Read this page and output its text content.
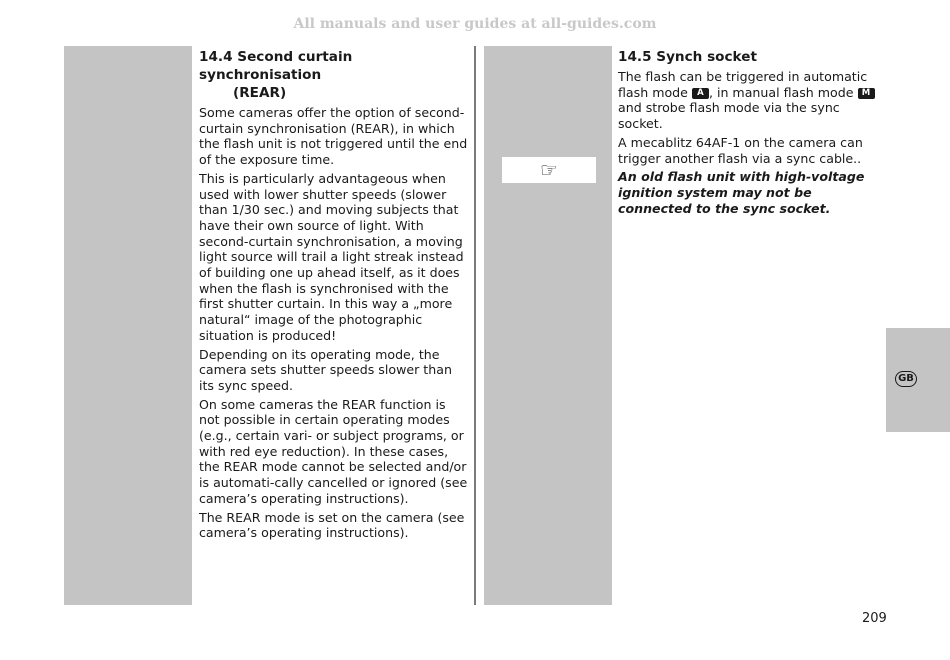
All manuals and user guides at all-guides.com
☞
GB
14.4 Second curtain synchronisation
(REAR)

Some cameras offer the option of second-curtain synchronisation (REAR), in which the flash unit is not triggered until the end of the exposure time.

This is particularly advantageous when used with lower shutter speeds (slower than 1/30 sec.) and moving subjects that have their own source of light. With second-curtain synchronisation, a moving light source will trail a light streak instead of building one up ahead itself, as it does when the flash is synchronised with the first shutter curtain. In this way a „more natural“ image of the photographic situation is produced!

Depending on its operating mode, the camera sets shutter speeds slower than its sync speed.

On some cameras the REAR function is not possible in certain operating modes (e.g., certain vari- or subject programs, or with red eye reduction). In these cases, the REAR mode cannot be selected and/or is automati-cally cancelled or ignored (see camera’s operating instructions).

The REAR mode is set on the camera (see camera’s operating instructions).

14.5 Synch socket

The flash can be triggered in automatic flash mode A , in manual flash mode M and strobe flash mode via the sync socket.

A mecablitz 64AF-1 on the camera can trigger another flash via a sync cable..

An old flash unit with high-voltage ignition system may not be connected to the sync socket.

209
